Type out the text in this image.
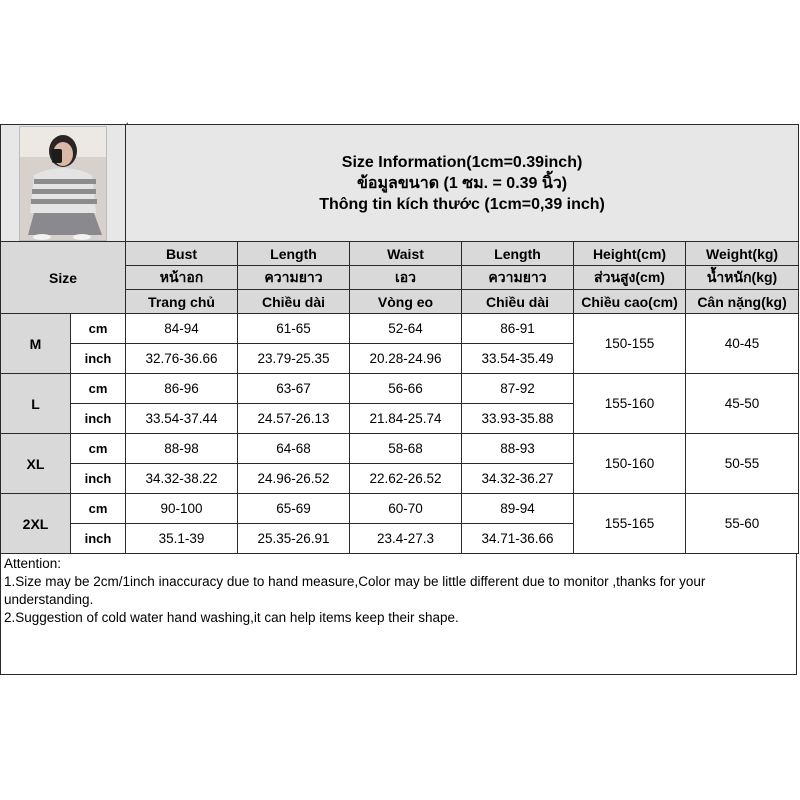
Size Information(1cm=0.39inch)
ข้อมูลขนาด (1 ซม. = 0.39 นิ้ว)
Thông tin kích thước (1cm=0,39 inch)					

Size		Bust	Length	Waist	Length	Height(cm)	Weight(kg)
		หน้าอก	ความยาว	เอว	ความยาว	ส่วนสูง(cm)	น้ำหนัก(kg)
		Trang chủ	Chiều dài	Vòng eo	Chiều dài	Chiều cao(cm)	Cân nặng(kg)
M	cm	84-94	61-65	52-64	86-91	150-155	40-45
	inch	32.76-36.66	23.79-25.35	20.28-24.96	33.54-35.49		
L	cm	86-96	63-67	56-66	87-92	155-160	45-50
	inch	33.54-37.44	24.57-26.13	21.84-25.74	33.93-35.88		
XL	cm	88-98	64-68	58-68	88-93	150-160	50-55
	inch	34.32-38.22	24.96-26.52	22.62-26.52	34.32-36.27		
2XL	cm	90-100	65-69	60-70	89-94	155-165	55-60
	inch	35.1-39	25.35-26.91	23.4-27.3	34.71-36.66		
Attention:
1.Size may be 2cm/1inch inaccuracy due to hand measure,Color may be little different due to monitor ,thanks for your understanding.
2.Suggestion of cold water hand washing,it can help items keep their shape.
